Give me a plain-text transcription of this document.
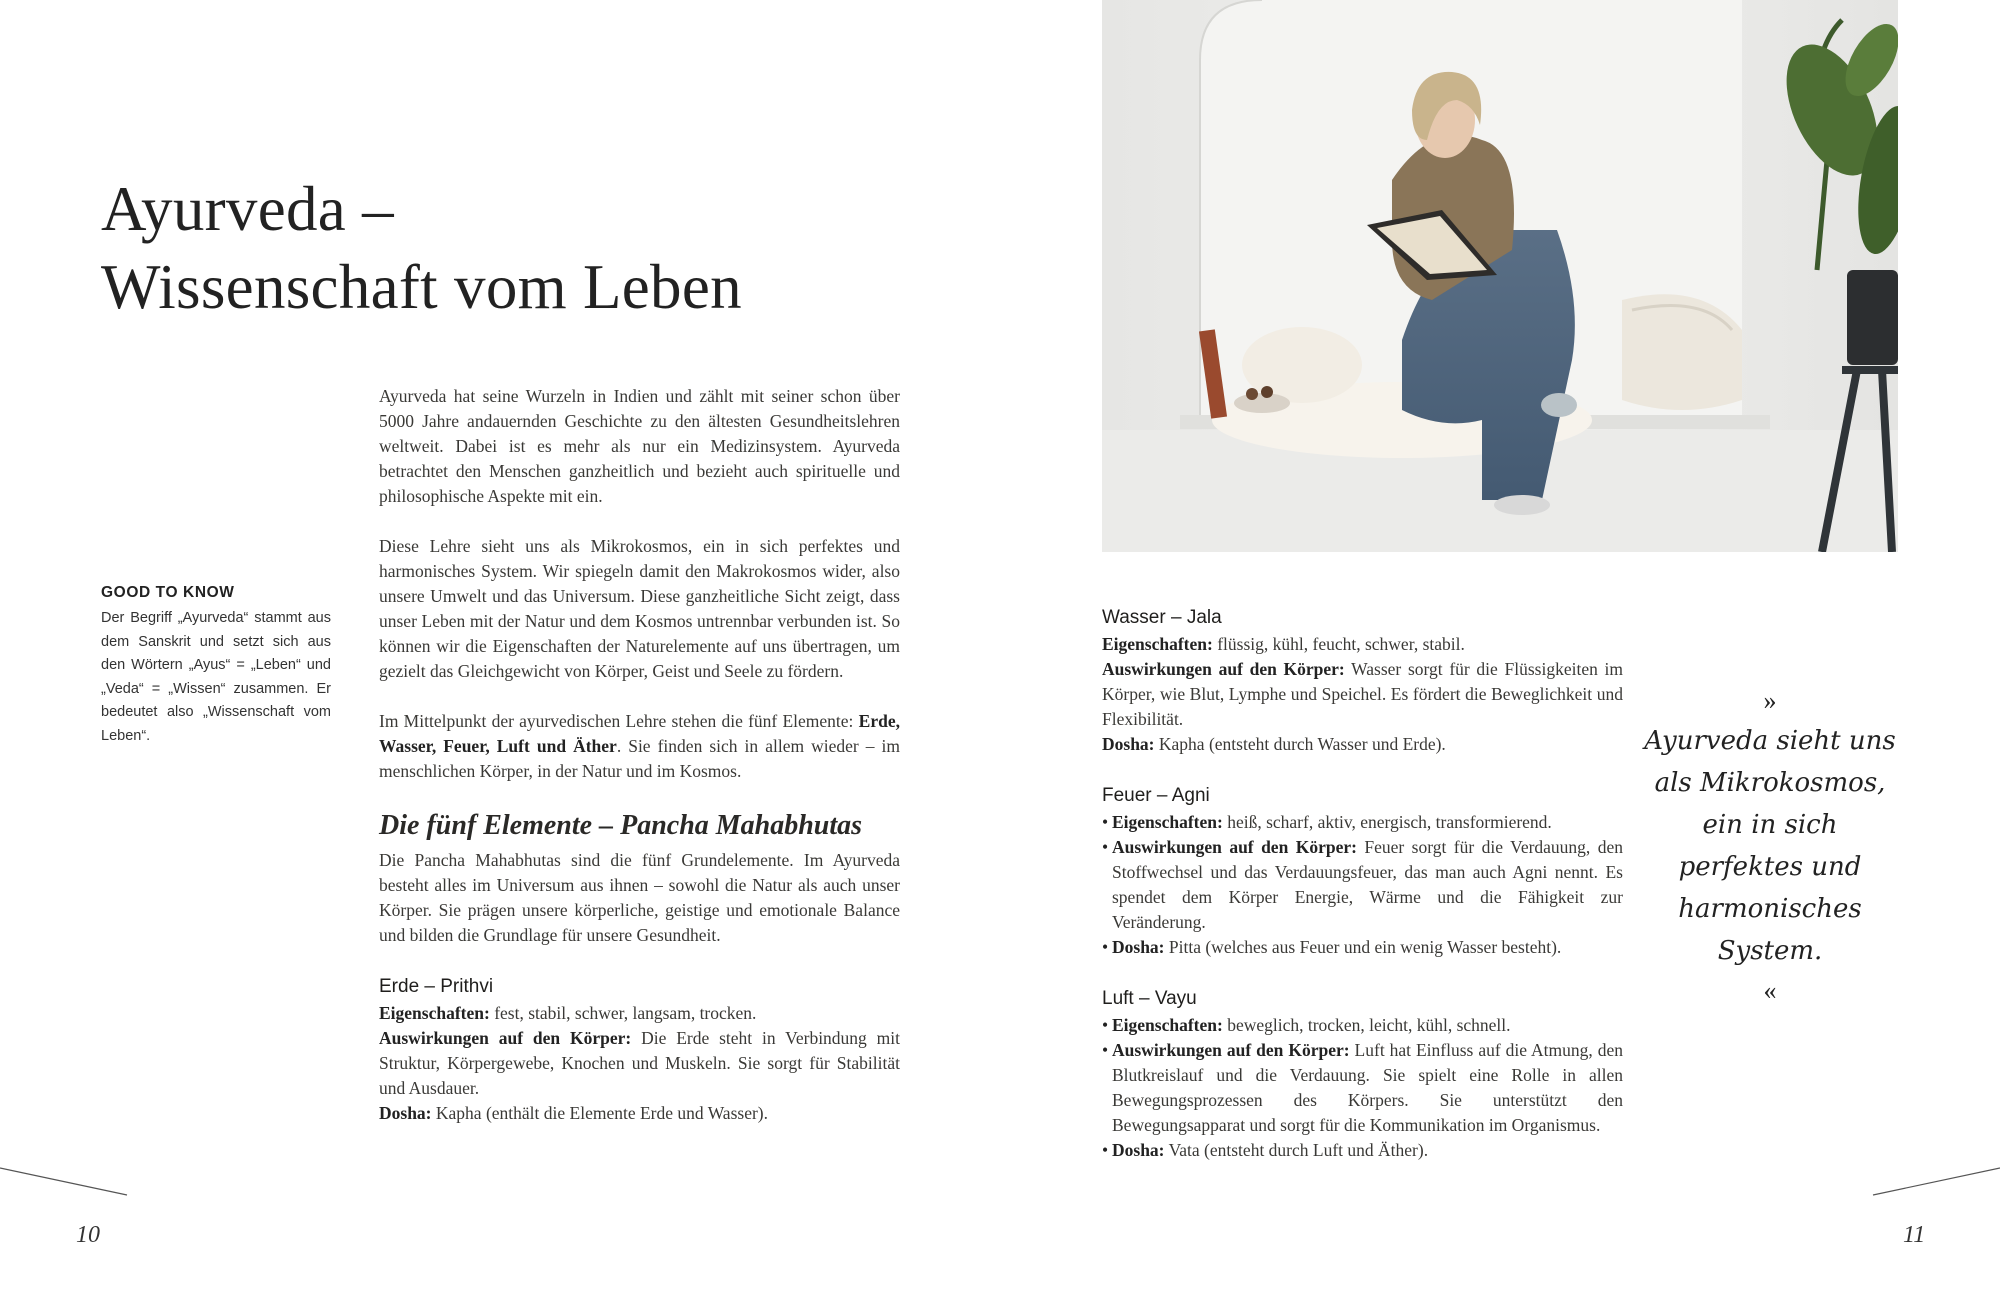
Ayurveda –
Wissenschaft vom Leben
GOOD TO KNOW
Der Begriff „Ayurveda“ stammt aus dem Sanskrit und setzt sich aus den Wörtern „Ayus“ = „Leben“ und „Veda“ = „Wissen“ zusammen. Er bedeutet also „Wissenschaft vom Leben“.

Ayurveda hat seine Wurzeln in Indien und zählt mit seiner schon über 5000 Jahre andauernden Geschichte zu den ältesten Gesundheitslehren weltweit. Dabei ist es mehr als nur ein Medizinsystem. Ayurveda betrachtet den Menschen ganzheitlich und bezieht auch spirituelle und philosophische Aspekte mit ein.

Diese Lehre sieht uns als Mikrokosmos, ein in sich perfektes und harmonisches System. Wir spiegeln damit den Makrokosmos wider, also unsere Umwelt und das Universum. Diese ganzheitliche Sicht zeigt, dass unser Leben mit der Natur und dem Kosmos untrennbar verbunden ist. So können wir die Eigenschaften der Naturelemente auf uns übertragen, um gezielt das Gleichgewicht von Körper, Geist und Seele zu fördern.

Im Mittelpunkt der ayurvedischen Lehre stehen die fünf Elemente: Erde, Wasser, Feuer, Luft und Äther. Sie finden sich in allem wieder – im menschlichen Körper, in der Natur und im Kosmos.

Die fünf Elemente – Pancha Mahabhutas

Die Pancha Mahabhutas sind die fünf Grundelemente. Im Ayurveda besteht alles im Universum aus ihnen – sowohl die Natur als auch unser Körper. Sie prägen unsere körperliche, geistige und emotionale Balance und bilden die Grundlage für unsere Gesundheit.

Erde – Prithvi

Eigenschaften: fest, stabil, schwer, langsam, trocken.

Auswirkungen auf den Körper: Die Erde steht in Verbindung mit Struktur, Körpergewebe, Knochen und Muskeln. Sie sorgt für Stabilität und Ausdauer.

Dosha: Kapha (enthält die Elemente Erde und Wasser).

10
Wasser – Jala

Eigenschaften: flüssig, kühl, feucht, schwer, stabil.

Auswirkungen auf den Körper: Wasser sorgt für die Flüssigkeiten im Körper, wie Blut, Lymphe und Speichel. Es fördert die Beweglichkeit und Flexibilität.

Dosha: Kapha (entsteht durch Wasser und Erde).

Feuer – Agni

• Eigenschaften: heiß, scharf, aktiv, energisch, transformierend.

• Auswirkungen auf den Körper: Feuer sorgt für die Verdauung, den Stoffwechsel und das Verdauungsfeuer, das man auch Agni nennt. Es spendet dem Körper Energie, Wärme und die Fähigkeit zur Veränderung.

• Dosha: Pitta (welches aus Feuer und ein wenig Wasser besteht).

Luft – Vayu

• Eigenschaften: beweglich, trocken, leicht, kühl, schnell.

• Auswirkungen auf den Körper: Luft hat Einfluss auf die Atmung, den Blutkreislauf und die Verdauung. Sie spielt eine Rolle in allen Bewegungsprozessen des Körpers. Sie unterstützt den Bewegungsapparat und sorgt für die Kommunikation im Organismus.

• Dosha: Vata (entsteht durch Luft und Äther).

»
Ayurveda sieht uns als Mikrokosmos, ein in sich perfektes und harmonisches System.
«
11
